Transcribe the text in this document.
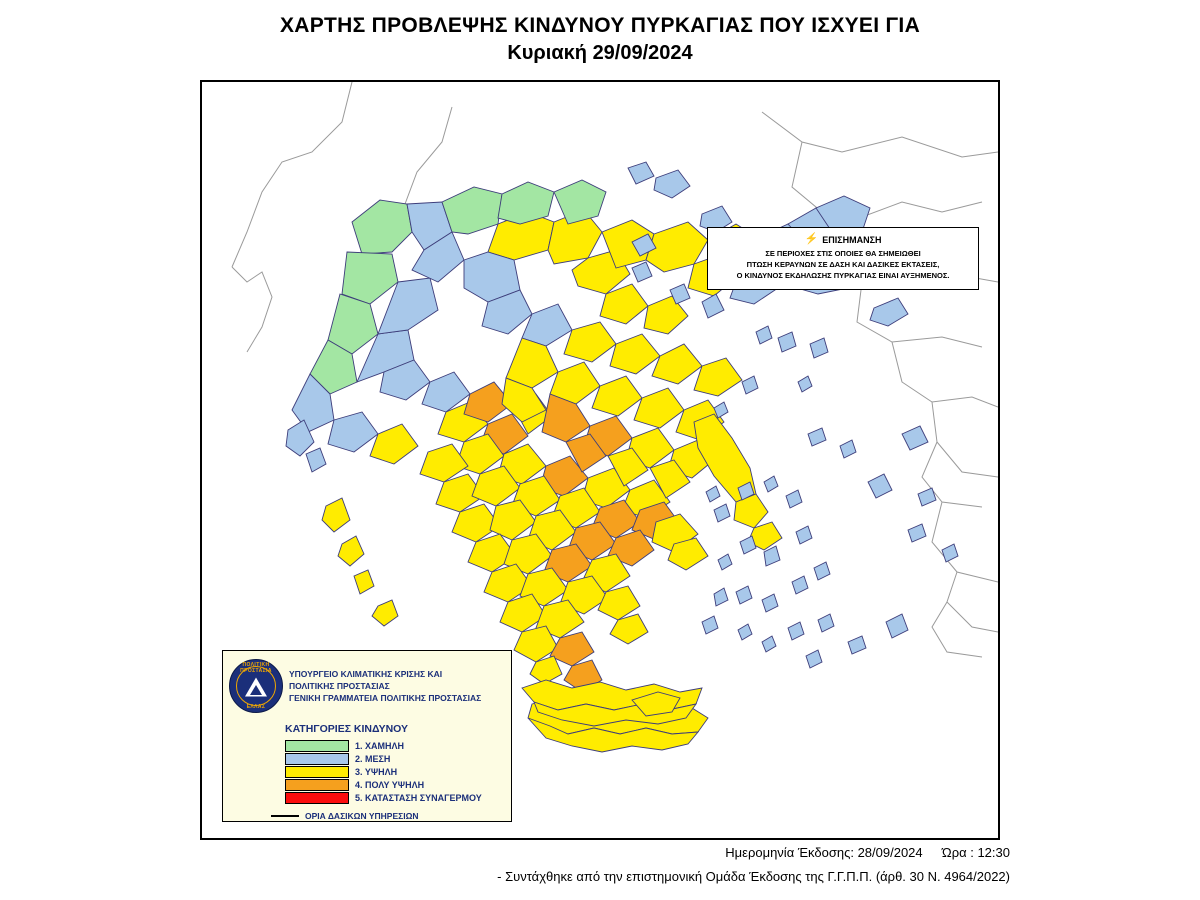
ΧΑΡΤΗΣ ΠΡΟΒΛΕΨΗΣ ΚΙΝΔΥΝΟΥ ΠΥΡΚΑΓΙΑΣ ΠΟΥ ΙΣΧΥΕΙ ΓΙΑ
Κυριακή 29/09/2024
⚡ ΕΠΙΣΗΜΑΝΣΗ
ΣΕ ΠΕΡΙΟΧΕΣ ΣΤΙΣ ΟΠΟΙΕΣ ΘΑ ΣΗΜΕΙΩΘΕΙ
ΠΤΩΣΗ ΚΕΡΑΥΝΩΝ ΣΕ ΔΑΣΗ ΚΑΙ ΔΑΣΙΚΕΣ ΕΚΤΑΣΕΙΣ,
Ο ΚΙΝΔΥΝΟΣ ΕΚΔΗΛΩΣΗΣ ΠΥΡΚΑΓΙΑΣ ΕΙΝΑΙ ΑΥΞΗΜΕΝΟΣ.
ΠΟΛΙΤΙΚΗ ΠΡΟΣΤΑΣΙΑ
ΕΛΛΑΣ
ΥΠΟΥΡΓΕΙΟ ΚΛΙΜΑΤΙΚΗΣ ΚΡΙΣΗΣ ΚΑΙ
ΠΟΛΙΤΙΚΗΣ ΠΡΟΣΤΑΣΙΑΣ
ΓΕΝΙΚΗ ΓΡΑΜΜΑΤΕΙΑ ΠΟΛΙΤΙΚΗΣ ΠΡΟΣΤΑΣΙΑΣ
ΚΑΤΗΓΟΡΙΕΣ ΚΙΝΔΥΝΟΥ
1. ΧΑΜΗΛΗ
2. ΜΕΣΗ
3. ΥΨΗΛΗ
4. ΠΟΛΥ ΥΨΗΛΗ
5. ΚΑΤΑΣΤΑΣΗ ΣΥΝΑΓΕΡΜΟΥ
ΟΡΙΑ ΔΑΣΙΚΩΝ ΥΠΗΡΕΣΙΩΝ
Ημερομηνία Έκδοσης: 28/09/2024 Ώρα : 12:30
- Συντάχθηκε από την επιστημονική Ομάδα Έκδοσης της Γ.Γ.Π.Π. (άρθ. 30 Ν. 4964/2022)
